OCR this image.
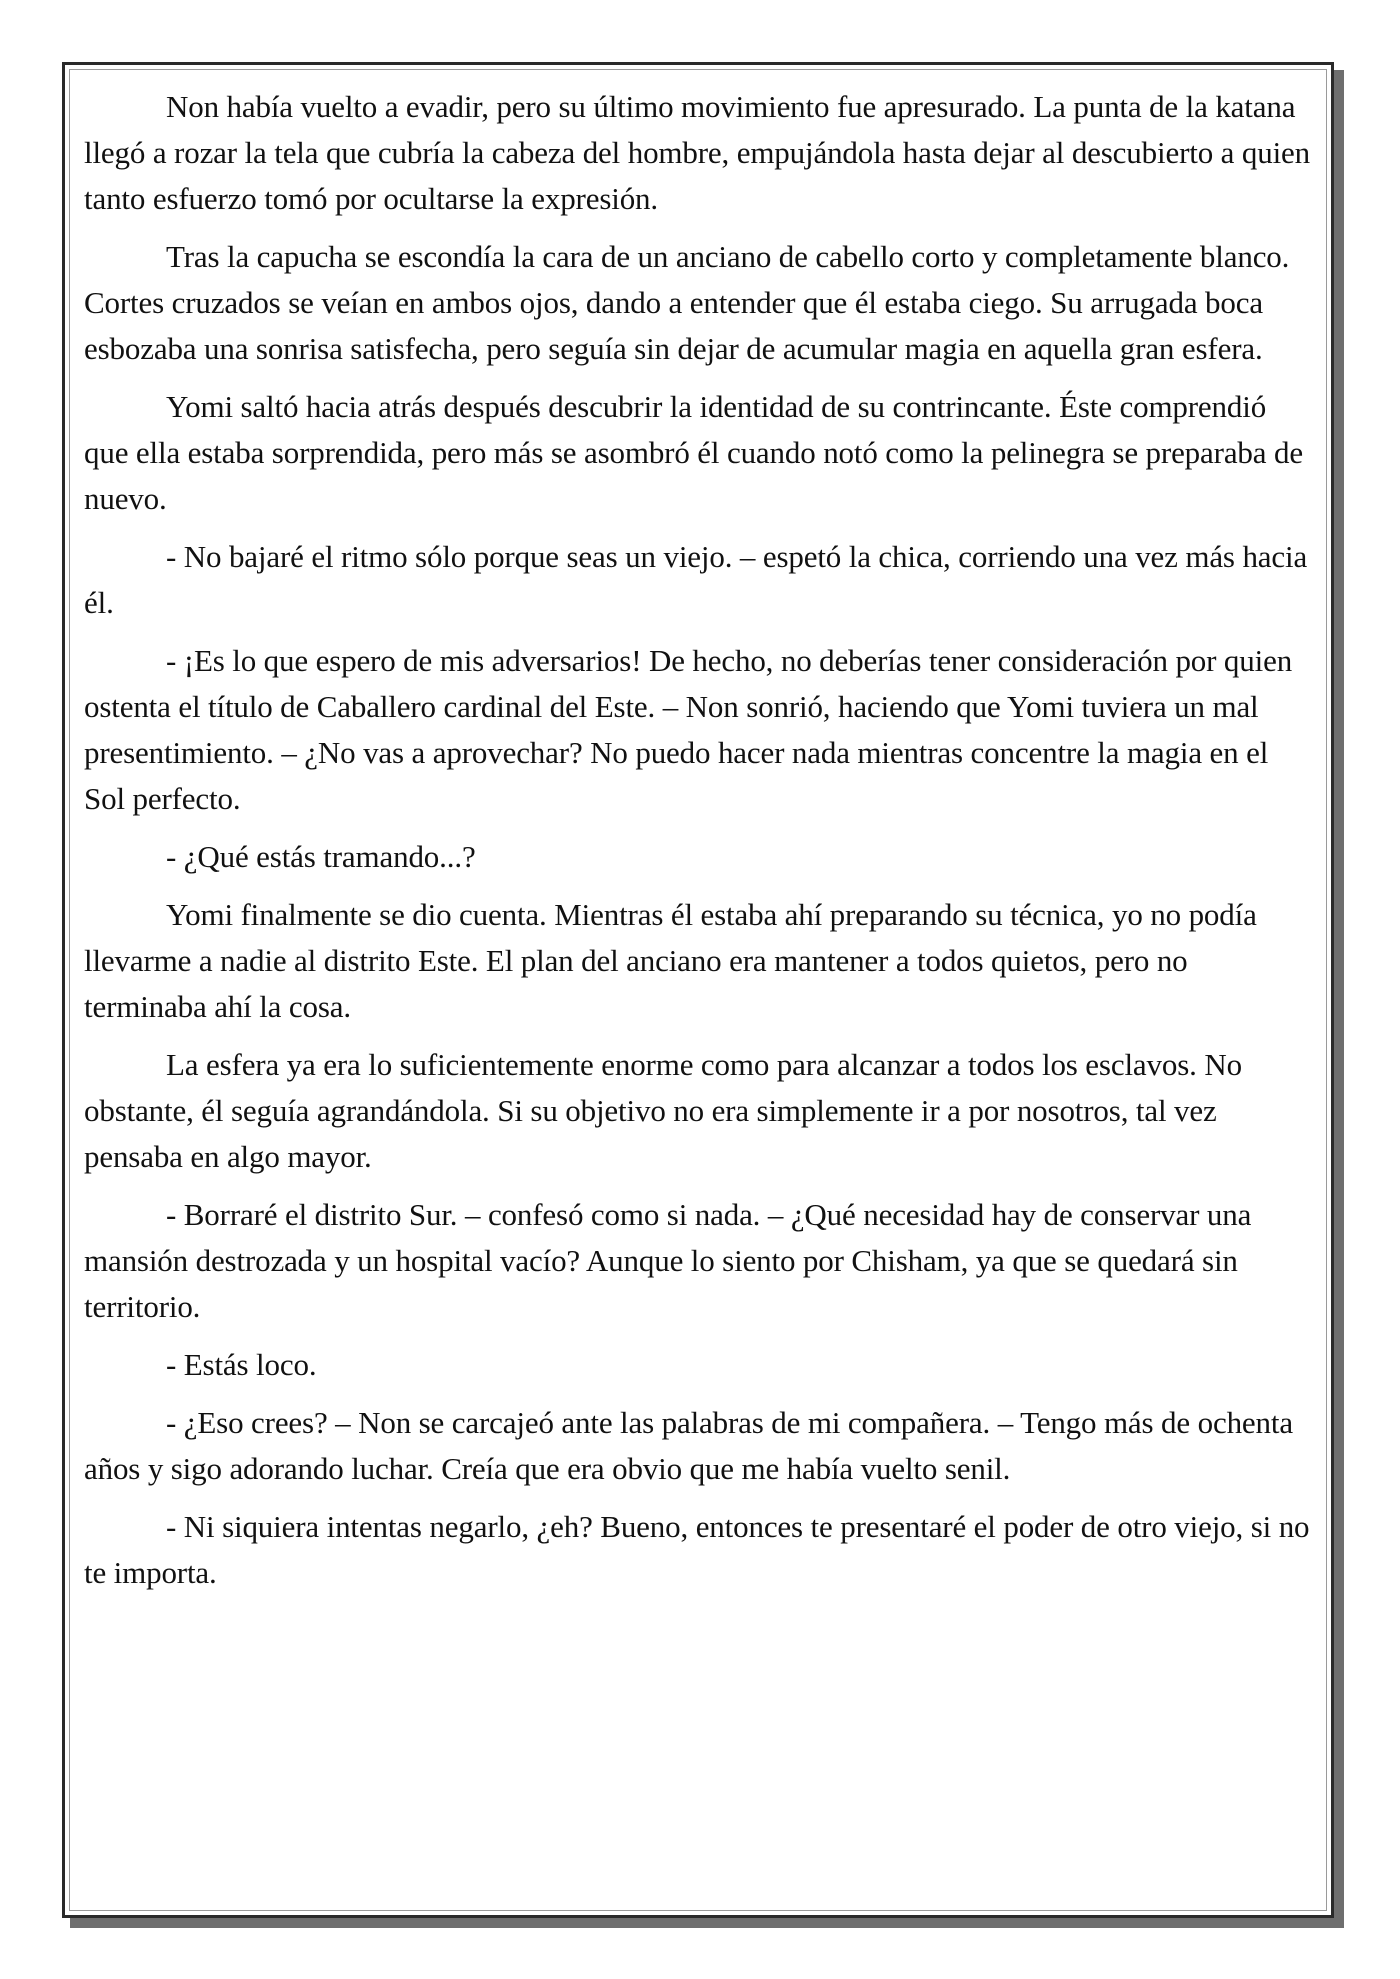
Non había vuelto a evadir, pero su último movimiento fue apresurado. La punta de la katana llegó a rozar la tela que cubría la cabeza del hombre, empujándola hasta dejar al descubierto a quien tanto esfuerzo tomó por ocultarse la expresión.

Tras la capucha se escondía la cara de un anciano de cabello corto y completamente blanco. Cortes cruzados se veían en ambos ojos, dando a entender que él estaba ciego. Su arrugada boca esbozaba una sonrisa satisfecha, pero seguía sin dejar de acumular magia en aquella gran esfera.

Yomi saltó hacia atrás después descubrir la identidad de su contrincante. Éste comprendió que ella estaba sorprendida, pero más se asombró él cuando notó como la pelinegra se preparaba de nuevo.

- No bajaré el ritmo sólo porque seas un viejo. – espetó la chica, corriendo una vez más hacia él.

- ¡Es lo que espero de mis adversarios! De hecho, no deberías tener consideración por quien ostenta el título de Caballero cardinal del Este. – Non sonrió, haciendo que Yomi tuviera un mal presentimiento. – ¿No vas a aprovechar? No puedo hacer nada mientras concentre la magia en el Sol perfecto.

- ¿Qué estás tramando...?

Yomi finalmente se dio cuenta. Mientras él estaba ahí preparando su técnica, yo no podía llevarme a nadie al distrito Este. El plan del anciano era mantener a todos quietos, pero no terminaba ahí la cosa.

La esfera ya era lo suficientemente enorme como para alcanzar a todos los esclavos. No obstante, él seguía agrandándola. Si su objetivo no era simplemente ir a por nosotros, tal vez pensaba en algo mayor.

- Borraré el distrito Sur. – confesó como si nada. – ¿Qué necesidad hay de conservar una mansión destrozada y un hospital vacío? Aunque lo siento por Chisham, ya que se quedará sin territorio.

- Estás loco.

- ¿Eso crees? – Non se carcajeó ante las palabras de mi compañera. – Tengo más de ochenta años y sigo adorando luchar. Creía que era obvio que me había vuelto senil.

- Ni siquiera intentas negarlo, ¿eh? Bueno, entonces te presentaré el poder de otro viejo, si no te importa.
